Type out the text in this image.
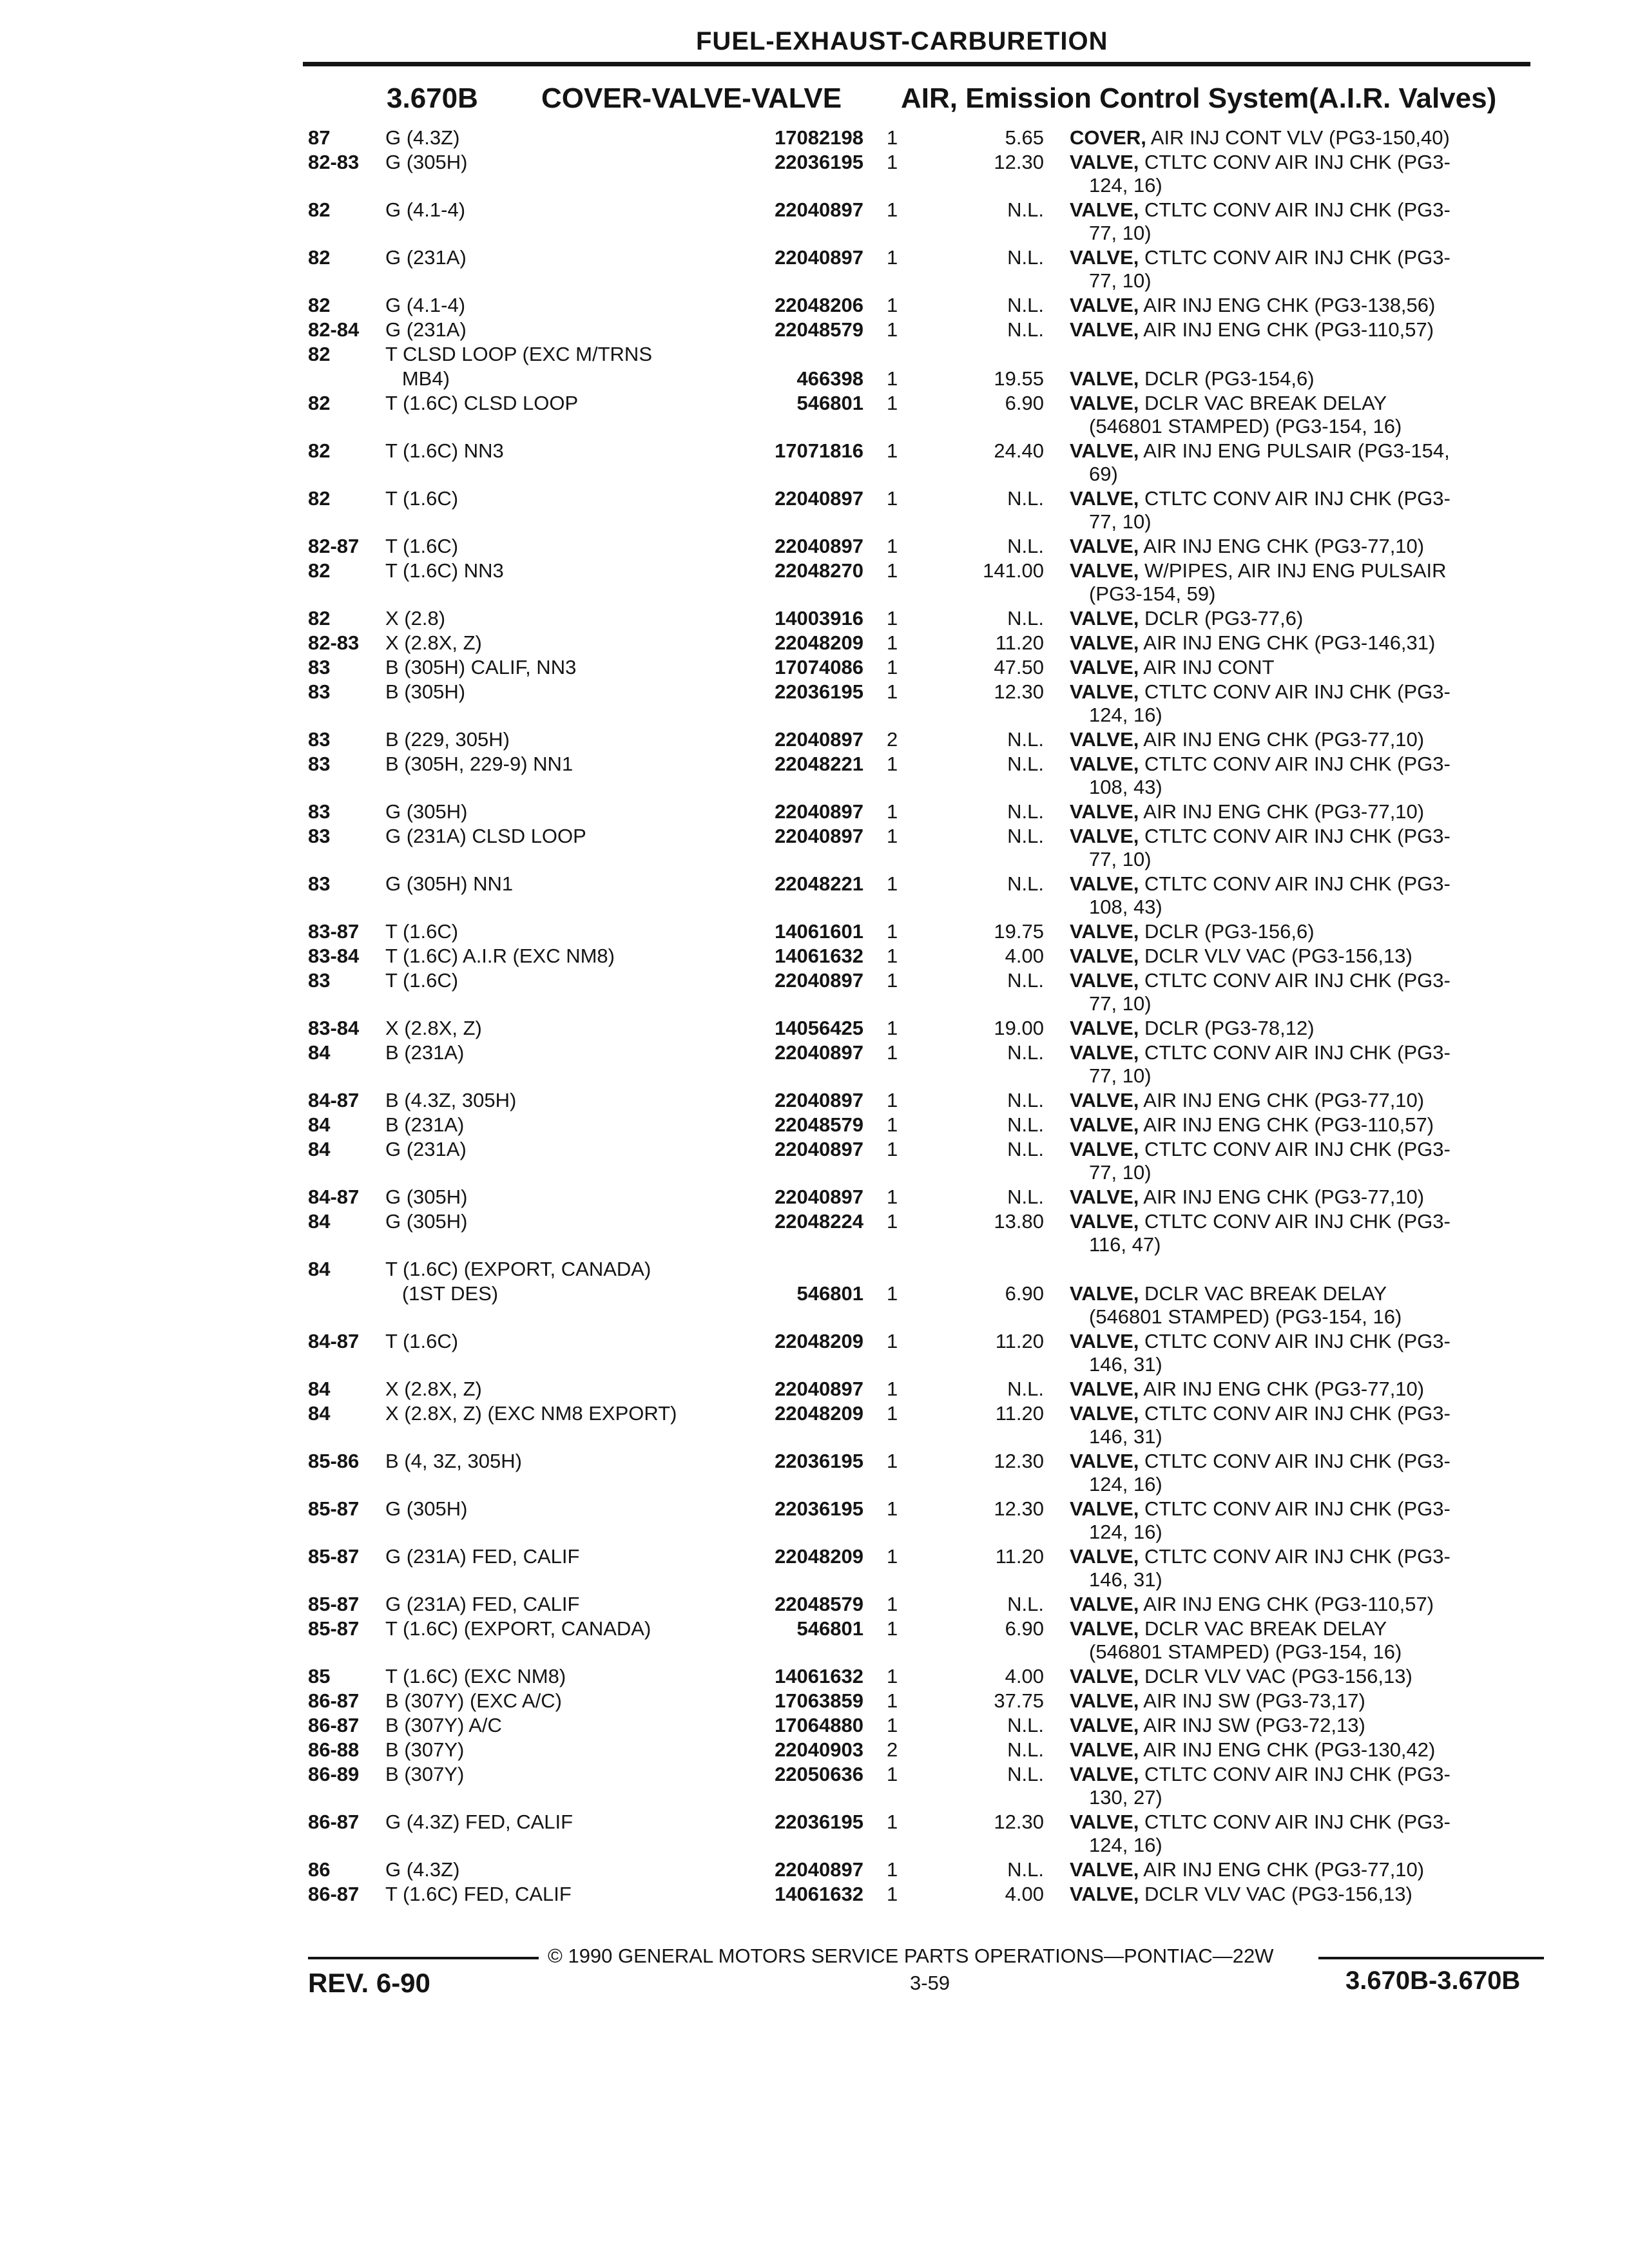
FUEL-EXHAUST-CARBURETION
3.670B COVER-VALVE-VALVE AIR, Emission Control System(A.I.R. Valves)
87	G (4.3Z)	17082198 1	5.65 COVER, AIR INJ CONT VLV (PG3-150,40)
82-83 G (305H)	22036195 1	12.30 VALVE, CTLTC CONV AIR INJ CHK (PG3-
124, 16)
82	G (4.1-4)	22040897 1	N.L. VALVE, CTLTC CONV AIR INJ CHK (PG3-
77, 10)
82	G (231A)	22040897 1	N.L. VALVE, CTLTC CONV AIR INJ CHK (PG3-
77, 10)
82	G (4.1-4)	22048206 1	N.L. VALVE, AIR INJ ENG CHK (PG3-138,56)
82-84 G (231A)	22048579 1	N.L. VALVE, AIR INJ ENG CHK (PG3-110,57)
82	T CLSD LOOP (EXC M/TRNS
MB4)	466398 1	19.55 VALVE, DCLR (PG3-154,6)
82	T (1.6C) CLSD LOOP	546801 1	6.90 VALVE, DCLR VAC BREAK DELAY
(546801 STAMPED) (PG3-154, 16)
82	T (1.6C) NN3	17071816 1	24.40 VALVE, AIR INJ ENG PULSAIR (PG3-154,
69)
82	T (1.6C)	22040897 1	N.L. VALVE, CTLTC CONV AIR INJ CHK (PG3-
77, 10)
82-87 T (1.6C)	22040897 1	N.L. VALVE, AIR INJ ENG CHK (PG3-77,10)
82	T (1.6C) NN3	22048270 1	141.00 VALVE, W/PIPES, AIR INJ ENG PULSAIR
(PG3-154, 59)
82	X (2.8)	14003916 1	N.L. VALVE, DCLR (PG3-77,6)
82-83 X (2.8X, Z)	22048209 1	11.20 VALVE, AIR INJ ENG CHK (PG3-146,31)
83	B (305H) CALIF, NN3	17074086 1	47.50 VALVE, AIR INJ CONT
83	B (305H)	22036195 1	12.30 VALVE, CTLTC CONV AIR INJ CHK (PG3-
124, 16)
83	B (229, 305H)	22040897 2	N.L. VALVE, AIR INJ ENG CHK (PG3-77,10)
83	B (305H, 229-9) NN1	22048221 1	N.L. VALVE, CTLTC CONV AIR INJ CHK (PG3-
108, 43)
83	G (305H)	22040897 1	N.L. VALVE, AIR INJ ENG CHK (PG3-77,10)
83	G (231A) CLSD LOOP	22040897 1	N.L. VALVE, CTLTC CONV AIR INJ CHK (PG3-
77, 10)
83	G (305H) NN1	22048221 1	N.L. VALVE, CTLTC CONV AIR INJ CHK (PG3-
108, 43)
83-87 T (1.6C)	14061601 1	19.75 VALVE, DCLR (PG3-156,6)
83-84 T (1.6C) A.I.R (EXC NM8)	14061632 1	4.00 VALVE, DCLR VLV VAC (PG3-156,13)
83	T (1.6C)	22040897 1	N.L. VALVE, CTLTC CONV AIR INJ CHK (PG3-
77, 10)
83-84 X (2.8X, Z)	14056425 1	19.00 VALVE, DCLR (PG3-78,12)
84	B (231A)	22040897 1	N.L. VALVE, CTLTC CONV AIR INJ CHK (PG3-
77, 10)
84-87 B (4.3Z, 305H)	22040897 1	N.L. VALVE, AIR INJ ENG CHK (PG3-77,10)
84	B (231A)	22048579 1	N.L. VALVE, AIR INJ ENG CHK (PG3-110,57)
84	G (231A)	22040897 1	N.L. VALVE, CTLTC CONV AIR INJ CHK (PG3-
77, 10)
84-87 G (305H)	22040897 1	N.L. VALVE, AIR INJ ENG CHK (PG3-77,10)
84	G (305H)	22048224 1	13.80 VALVE, CTLTC CONV AIR INJ CHK (PG3-
116, 47)
84	T (1.6C) (EXPORT, CANADA)
(1ST DES)	546801 1	6.90 VALVE, DCLR VAC BREAK DELAY
(546801 STAMPED) (PG3-154, 16)
84-87 T (1.6C)	22048209 1	11.20 VALVE, CTLTC CONV AIR INJ CHK (PG3-
146, 31)
84	X (2.8X, Z)	22040897 1	N.L. VALVE, AIR INJ ENG CHK (PG3-77,10)
84	X (2.8X, Z) (EXC NM8 EXPORT)	22048209 1	11.20 VALVE, CTLTC CONV AIR INJ CHK (PG3-
146, 31)
85-86 B (4, 3Z, 305H)	22036195 1	12.30 VALVE, CTLTC CONV AIR INJ CHK (PG3-
124, 16)
85-87 G (305H)	22036195 1	12.30 VALVE, CTLTC CONV AIR INJ CHK (PG3-
124, 16)
85-87 G (231A) FED, CALIF	22048209 1	11.20 VALVE, CTLTC CONV AIR INJ CHK (PG3-
146, 31)
85-87 G (231A) FED, CALIF	22048579 1	N.L. VALVE, AIR INJ ENG CHK (PG3-110,57)
85-87 T (1.6C) (EXPORT, CANADA)	546801 1	6.90 VALVE, DCLR VAC BREAK DELAY
(546801 STAMPED) (PG3-154, 16)
85	T (1.6C) (EXC NM8)	14061632 1	4.00 VALVE, DCLR VLV VAC (PG3-156,13)
86-87 B (307Y) (EXC A/C)	17063859 1	37.75 VALVE, AIR INJ SW (PG3-73,17)
86-87 B (307Y) A/C	17064880 1	N.L. VALVE, AIR INJ SW (PG3-72,13)
86-88 B (307Y)	22040903 2	N.L. VALVE, AIR INJ ENG CHK (PG3-130,42)
86-89 B (307Y)	22050636 1	N.L. VALVE, CTLTC CONV AIR INJ CHK (PG3-
130, 27)
86-87 G (4.3Z) FED, CALIF	22036195 1	12.30 VALVE, CTLTC CONV AIR INJ CHK (PG3-
124, 16)
86	G (4.3Z)	22040897 1	N.L. VALVE, AIR INJ ENG CHK (PG3-77,10)
86-87 T (1.6C) FED, CALIF	14061632 1	4.00 VALVE, DCLR VLV VAC (PG3-156,13)
© 1990 GENERAL MOTORS SERVICE PARTS OPERATIONS—PONTIAC—22W
REV. 6-90	3-59	3.670B-3.670B
